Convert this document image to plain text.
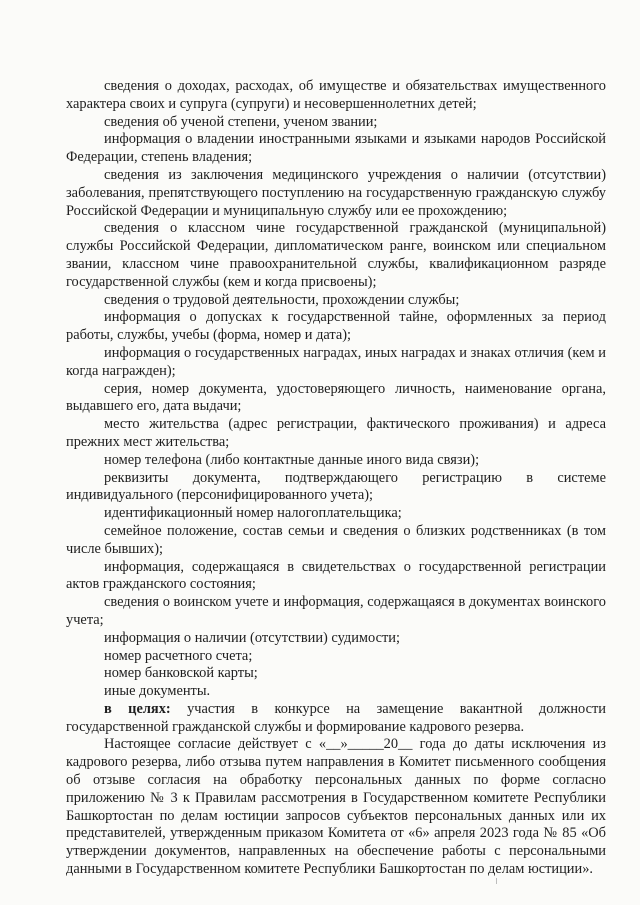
сведения о доходах, расходах, об имуществе и обязательствах имущественного характера своих и супруга (супруги) и несовершеннолетних детей;

сведения об ученой степени, ученом звании;

информация о владении иностранными языками и языками народов Российской Федерации, степень владения;

сведения из заключения медицинского учреждения о наличии (отсутствии) заболевания, препятствующего поступлению на государственную гражданскую службу Российской Федерации и муниципальную службу или ее прохождению;

сведения о классном чине государственной гражданской (муниципальной) службы Российской Федерации, дипломатическом ранге, воинском или специальном звании, классном чине правоохранительной службы, квалификационном разряде государственной службы (кем и когда присвоены);

сведения о трудовой деятельности, прохождении службы;

информация о допусках к государственной тайне, оформленных за период работы, службы, учебы (форма, номер и дата);

информация о государственных наградах, иных наградах и знаках отличия (кем и когда награжден);

серия, номер документа, удостоверяющего личность, наименование органа, выдавшего его, дата выдачи;

место жительства (адрес регистрации, фактического проживания) и адреса прежних мест жительства;

номер телефона (либо контактные данные иного вида связи);

реквизиты документа, подтверждающего регистрацию в системе индивидуального (персонифицированного учета);

идентификационный номер налогоплательщика;

семейное положение, состав семьи и сведения о близких родственниках (в том числе бывших);

информация, содержащаяся в свидетельствах о государственной регистрации актов гражданского состояния;

сведения о воинском учете и информация, содержащаяся в документах воинского учета;

информация о наличии (отсутствии) судимости;

номер расчетного счета;

номер банковской карты;

иные документы.

в целях: участия в конкурсе на замещение вакантной должности государственной гражданской службы и формирование кадрового резерва.

Настоящее согласие действует с «__»_____20__ года до даты исключения из кадрового резерва, либо отзыва путем направления в Комитет письменного сообщения об отзыве согласия на обработку персональных данных по форме согласно приложению № 3 к Правилам рассмотрения в Государственном комитете Республики Башкортостан по делам юстиции запросов субъектов персональных данных или их представителей, утвержденным приказом Комитета от «6» апреля 2023 года № 85 «Об утверждении документов, направленных на обеспечение работы с персональными данными в Государственном комитете Республики Башкортостан по делам юстиции».
